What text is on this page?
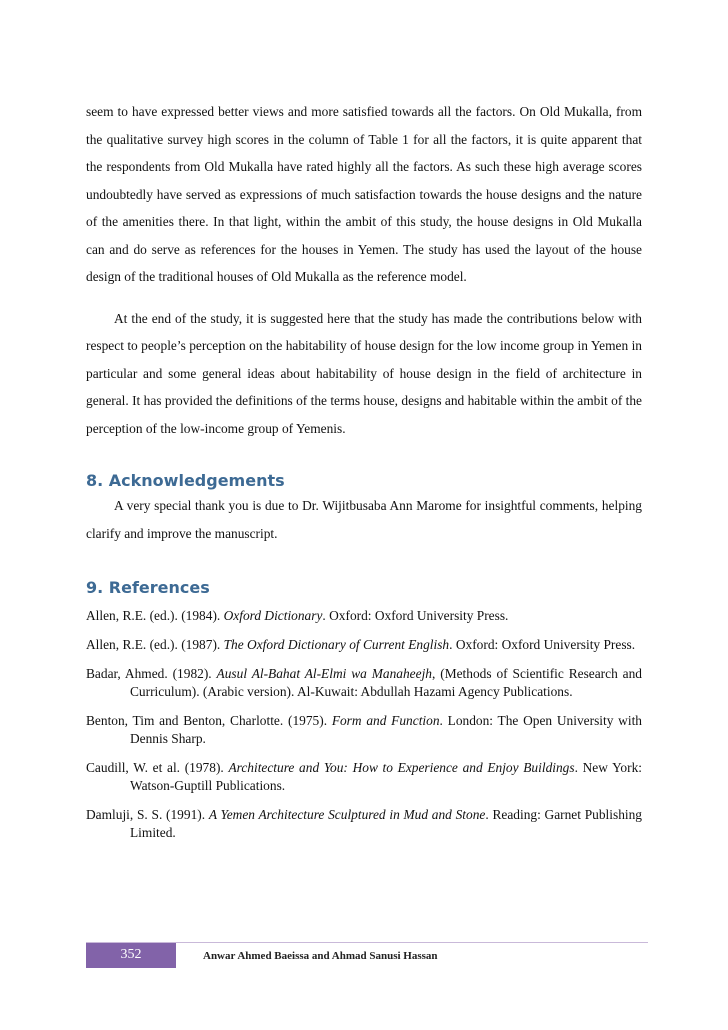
seem to have expressed better views and more satisfied towards all the factors. On Old Mukalla, from the qualitative survey high scores in the column of Table 1 for all the factors, it is quite apparent that the respondents from Old Mukalla have rated highly all the factors. As such these high average scores undoubtedly have served as expressions of much satisfaction towards the house designs and the nature of the amenities there. In that light, within the ambit of this study, the house designs in Old Mukalla can and do serve as references for the houses in Yemen. The study has used the layout of the house design of the traditional houses of Old Mukalla as the reference model.

At the end of the study, it is suggested here that the study has made the contributions below with respect to people’s perception on the habitability of house design for the low income group in Yemen in particular and some general ideas about habitability of house design in the field of architecture in general. It has provided the definitions of the terms house, designs and habitable within the ambit of the perception of the low-income group of Yemenis.

8. Acknowledgements

A very special thank you is due to Dr. Wijitbusaba Ann Marome for insightful comments, helping clarify and improve the manuscript.

9. References

Allen, R.E. (ed.). (1984). Oxford Dictionary. Oxford: Oxford University Press.

Allen, R.E. (ed.). (1987). The Oxford Dictionary of Current English. Oxford: Oxford University Press.

Badar, Ahmed. (1982). Ausul Al-Bahat Al-Elmi wa Manaheejh, (Methods of Scientific Research and Curriculum). (Arabic version). Al-Kuwait: Abdullah Hazami Agency Publications.

Benton, Tim and Benton, Charlotte. (1975). Form and Function. London: The Open University with Dennis Sharp.

Caudill, W. et al. (1978). Architecture and You: How to Experience and Enjoy Buildings. New York: Watson-Guptill Publications.

Damluji, S. S. (1991). A Yemen Architecture Sculptured in Mud and Stone. Reading: Garnet Publishing Limited.

352	Anwar Ahmed Baeissa and Ahmad Sanusi Hassan
